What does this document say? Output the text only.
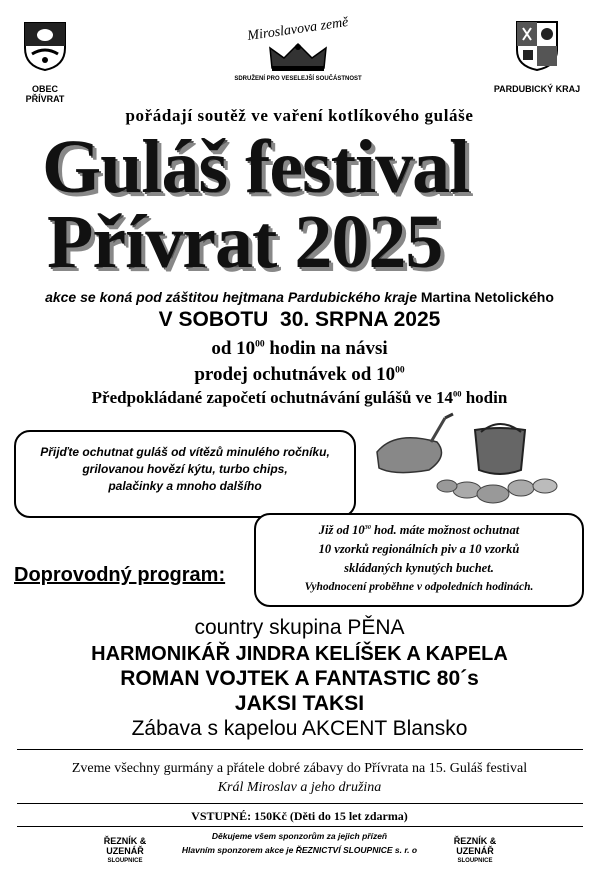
OBEC PŘÍVRAT
Miroslavova země
SDRUŽENÍ PRO VESELEJŠÍ SOUČÁSTNOST
PARDUBICKÝ KRAJ
pořádají soutěž ve vaření kotlíkového guláše
Guláš festival
Přívrat 2025
akce se koná pod záštitou hejtmana Pardubického kraje Martina Netolického
V SOBOTU  30. SRPNA 2025
od $10^{00}$ hodin na návsi
prodej ochutnávek od $10^{00}$
Předpokládané započetí ochutnávání gulášů ve $14^{00}$ hodin
Přijďte ochutnat guláš od vítězů minulého ročníku,
grilovanou hovězí kýtu, turbo chips,
palačinky a mnoho dalšího
Již od $10^{30}$ hod. máte možnost ochutnat
10 vzorků regionálních piv a 10 vzorků
skládaných kynutých buchet.
Vyhodnocení proběhne v odpoledních hodinách.
Doprovodný program:
country skupina PĚNA
HARMONIKÁŘ JINDRA KELÍŠEK A KAPELA
ROMAN VOJTEK A FANTASTIC 80´s
JAKSI TAKSI
Zábava s kapelou AKCENT Blansko
Zveme všechny gurmány a přátele dobré zábavy do Přívrata na 15. Guláš festival
Král Miroslav a jeho družina
VSTUPNÉ: 150Kč (Děti do 15 let zdarma)
Děkujeme všem sponzorům za jejich přízeň
Hlavním sponzorem akce je ŘEZNICTVÍ SLOUPNICE s. r. o
ŘEZNÍK & UZENÁŘ
SLOUPNICE
ŘEZNÍK & UZENÁŘ
SLOUPNICE
